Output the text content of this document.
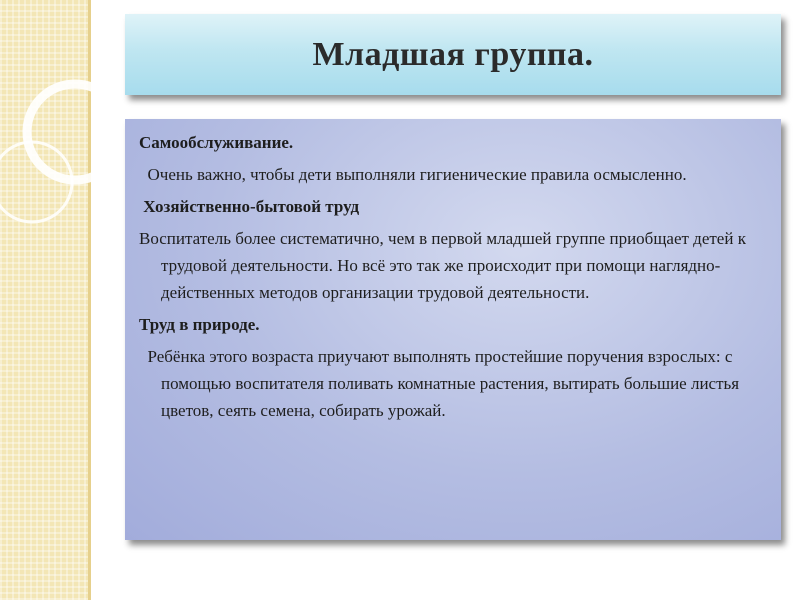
Младшая группа.

Самообслуживание.

Очень важно, чтобы дети выполняли гигиенические правила осмысленно.

Хозяйственно-бытовой труд

Воспитатель более систематично, чем в первой младшей группе приобщает детей к трудовой деятельности. Но всё это так же происходит при помощи наглядно-действенных методов организации трудовой деятельности.

Труд в природе.

Ребёнка этого возраста приучают выполнять простейшие поручения взрослых: с помощью воспитателя поливать комнатные растения, вытирать большие листья цветов, сеять семена, собирать урожай.
